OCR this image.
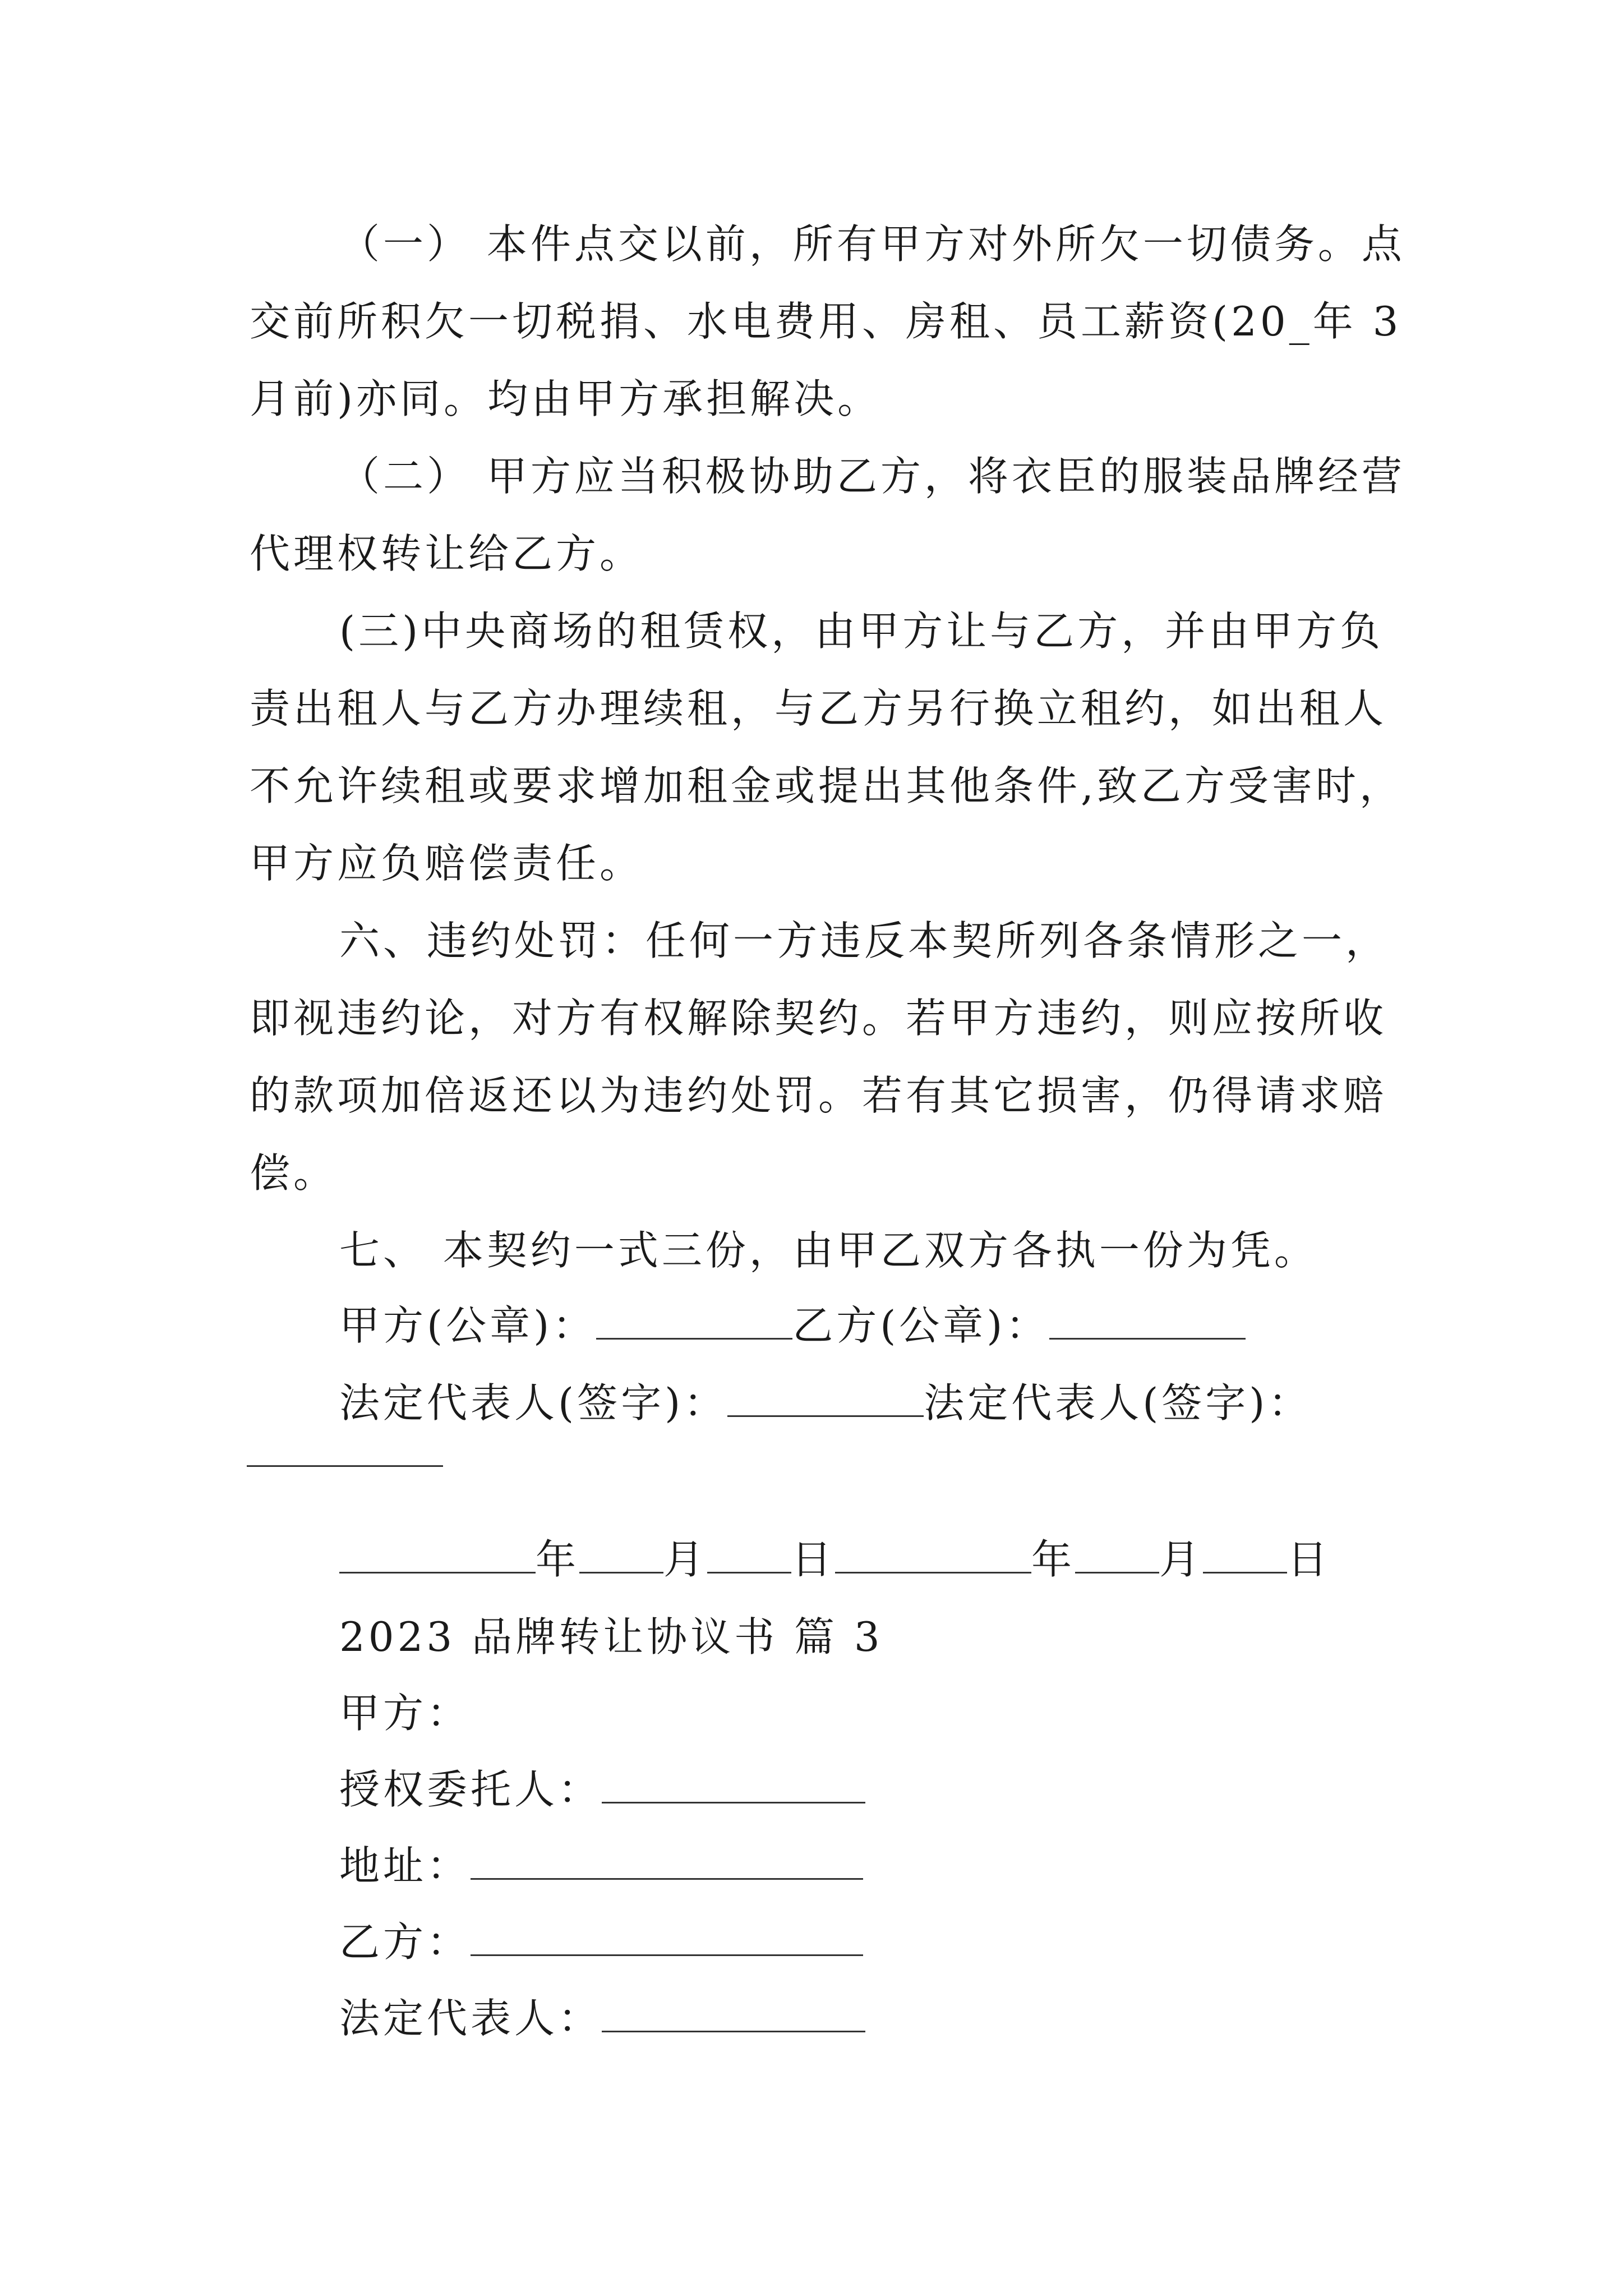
（一） 本件点交以前，所有甲方对外所欠一切债务。点
交前所积欠一切税捐、水电费用、房租、员工薪资(20_年 3
月前)亦同。均由甲方承担解决。
（二） 甲方应当积极协助乙方，将衣臣的服装品牌经营
代理权转让给乙方。
(三)中央商场的租赁权，由甲方让与乙方，并由甲方负
责出租人与乙方办理续租，与乙方另行换立租约，如出租人
不允许续租或要求增加租金或提出其他条件,致乙方受害时，
甲方应负赔偿责任。
六、违约处罚：任何一方违反本契所列各条情形之一，
即视违约论，对方有权解除契约。若甲方违约，则应按所收
的款项加倍返还以为违约处罚。若有其它损害，仍得请求赔
偿。
七、 本契约一式三份，由甲乙双方各执一份为凭。
甲方(公章)：	乙方(公章)：
法定代表人(签字)：	法定代表人(签字)：
年 月 日	年 月 日
2023 品牌转让协议书 篇 3
甲方：
授权委托人：
地址：
乙方：
法定代表人：
